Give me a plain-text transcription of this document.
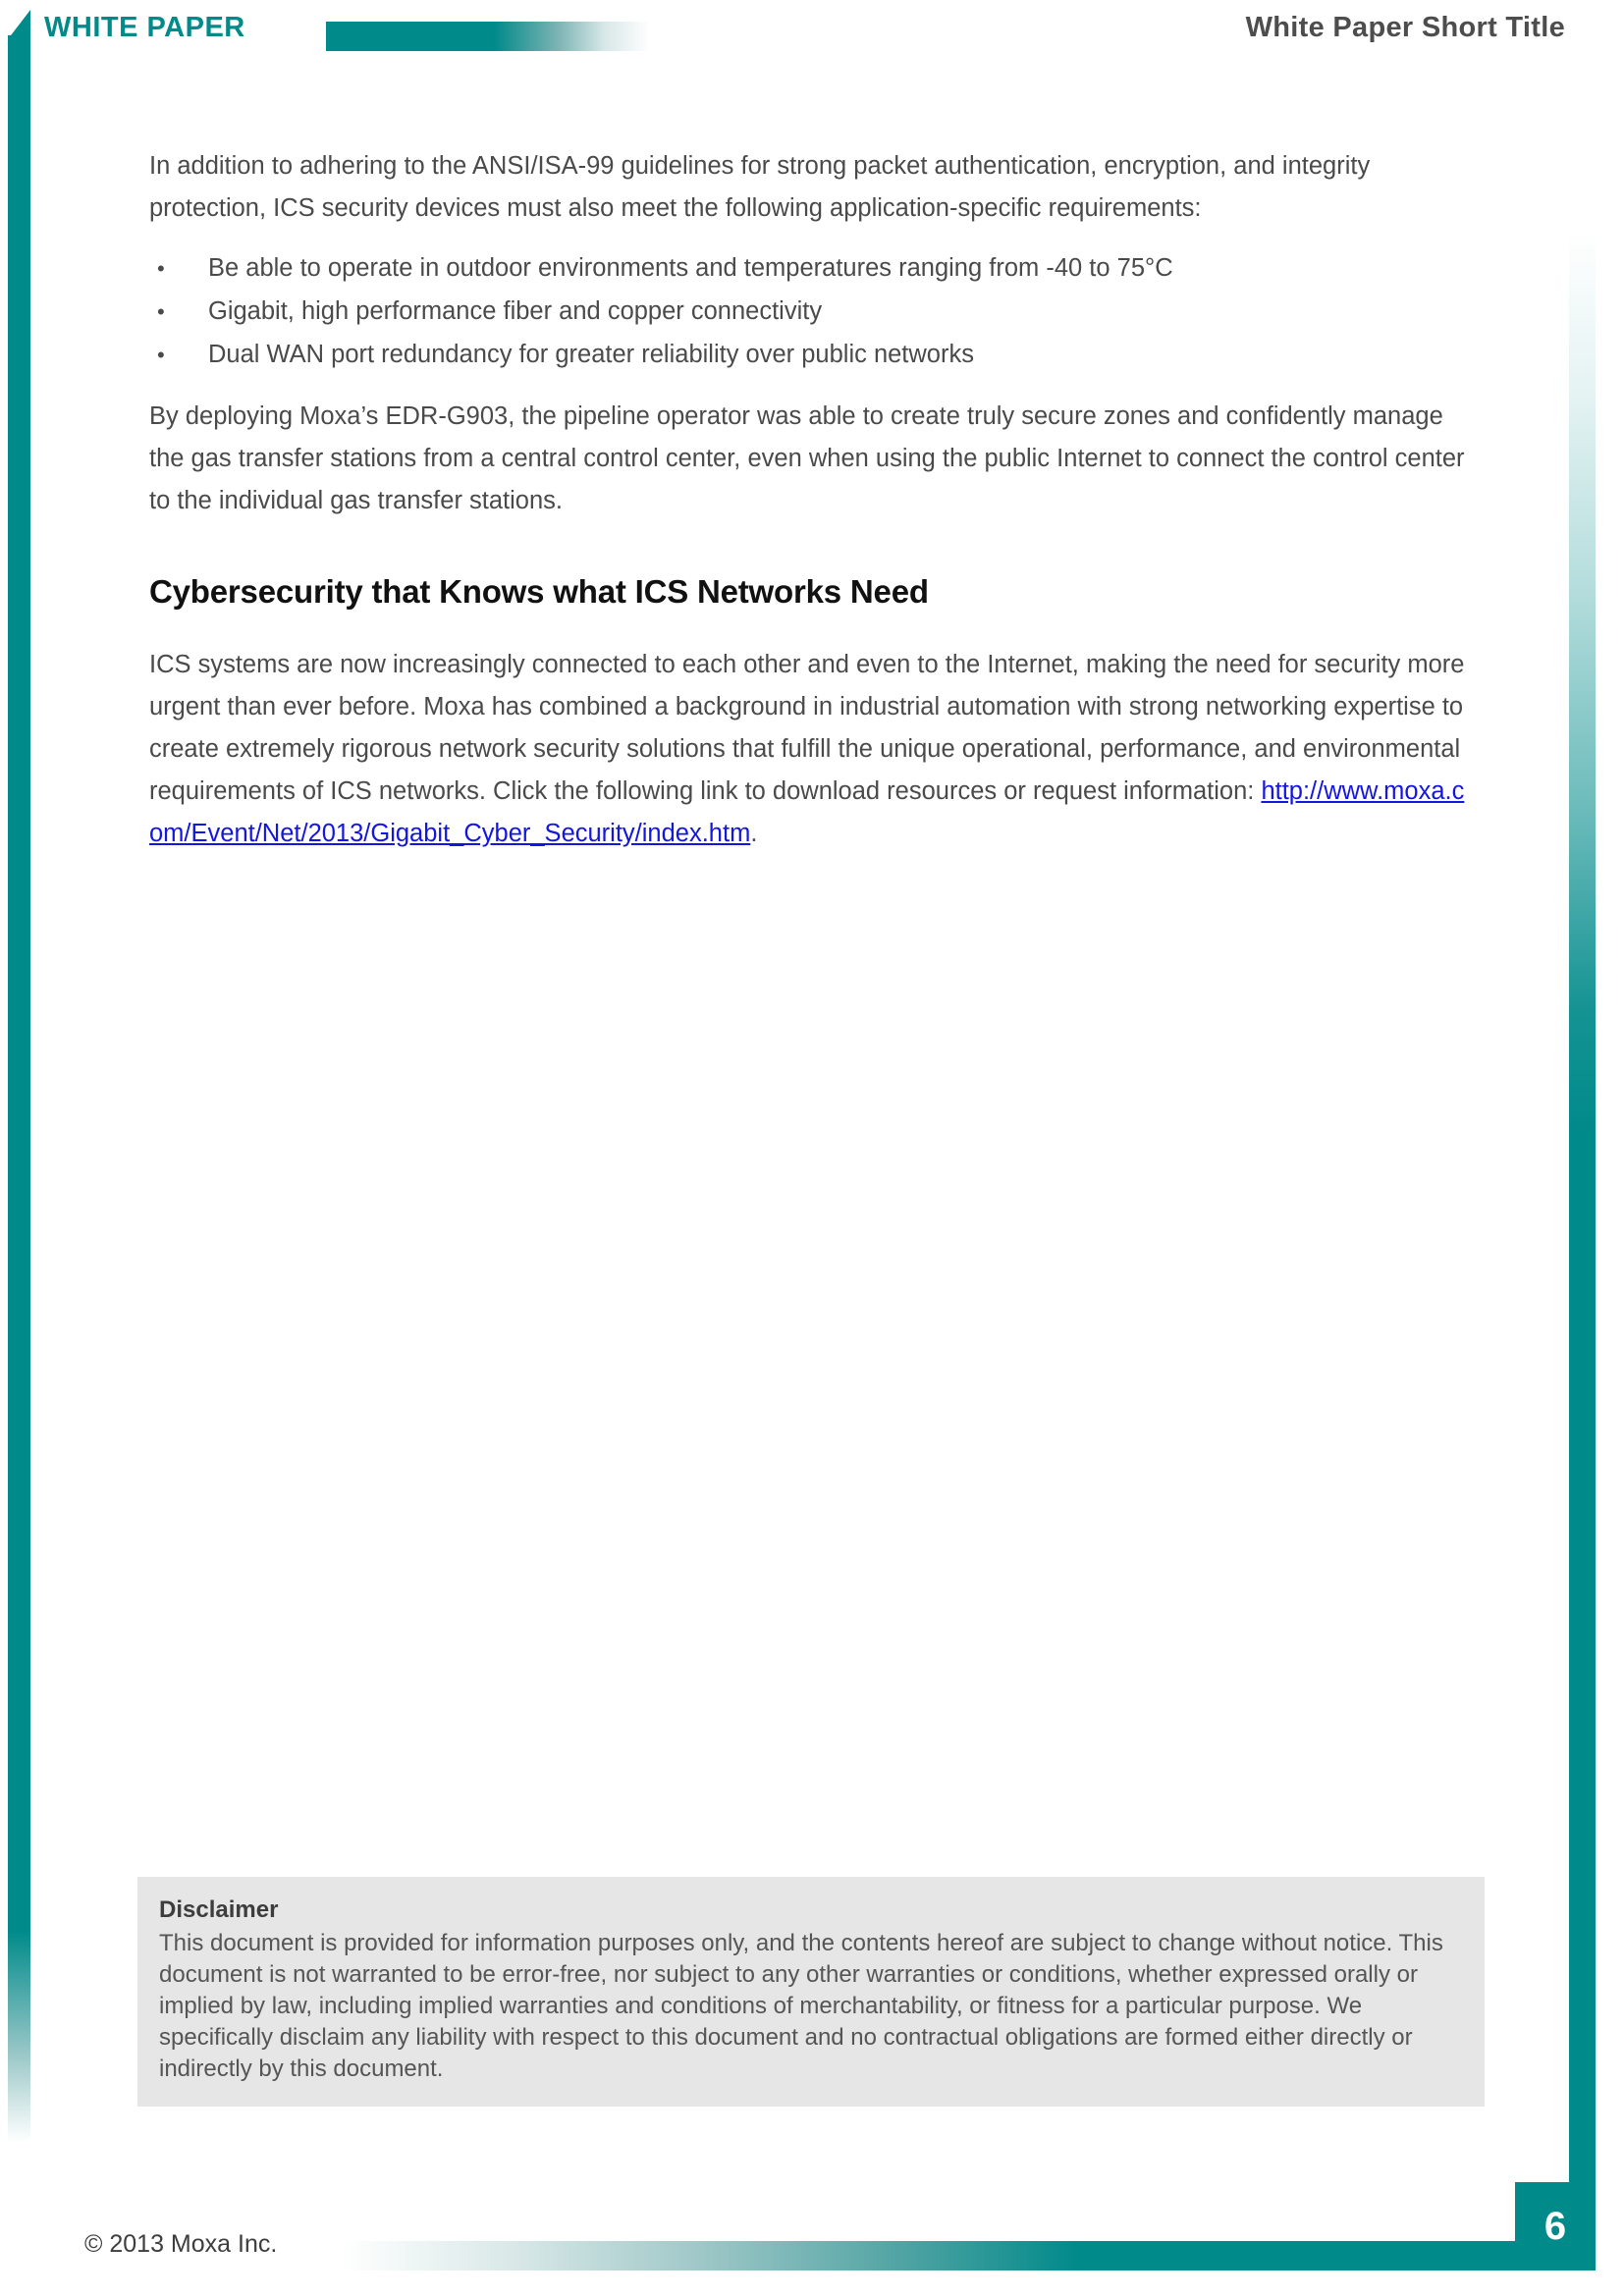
WHITE PAPER	White Paper Short Title

In addition to adhering to the ANSI/ISA-99 guidelines for strong packet authentication, encryption, and integrity protection, ICS security devices must also meet the following application-specific requirements:

• Be able to operate in outdoor environments and temperatures ranging from -40 to 75°C
• Gigabit, high performance fiber and copper connectivity
• Dual WAN port redundancy for greater reliability over public networks

By deploying Moxa’s EDR-G903, the pipeline operator was able to create truly secure zones and confidently manage the gas transfer stations from a central control center, even when using the public Internet to connect the control center to the individual gas transfer stations.

Cybersecurity that Knows what ICS Networks Need

ICS systems are now increasingly connected to each other and even to the Internet, making the need for security more urgent than ever before. Moxa has combined a background in industrial automation with strong networking expertise to create extremely rigorous network security solutions that fulfill the unique operational, performance, and environmental requirements of ICS networks. Click the following link to download resources or request information: http://www.moxa.com/Event/Net/2013/Gigabit_Cyber_Security/index.htm.

Disclaimer
This document is provided for information purposes only, and the contents hereof are subject to change without notice. This document is not warranted to be error-free, nor subject to any other warranties or conditions, whether expressed orally or implied by law, including implied warranties and conditions of merchantability, or fitness for a particular purpose. We specifically disclaim any liability with respect to this document and no contractual obligations are formed either directly or indirectly by this document.
© 2013 Moxa Inc.	6
